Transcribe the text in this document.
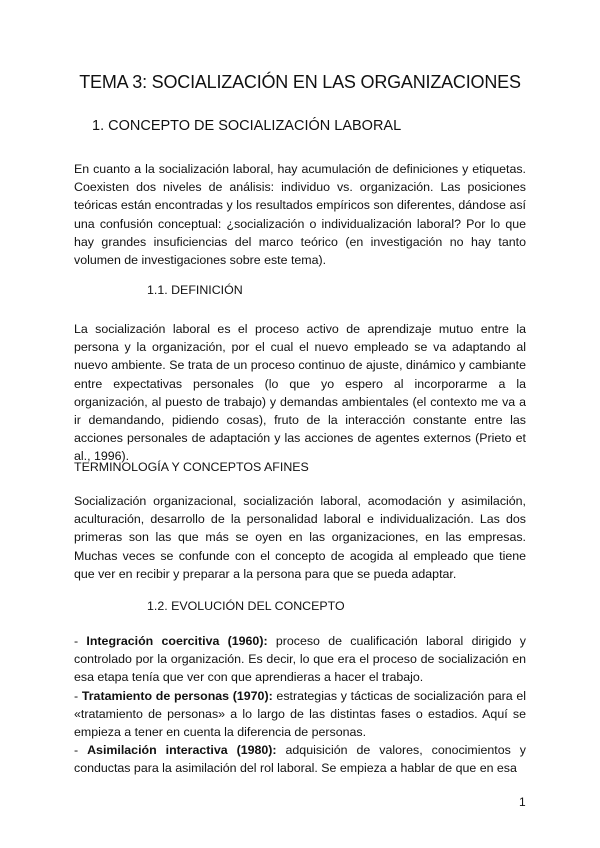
TEMA 3: SOCIALIZACIÓN EN LAS ORGANIZACIONES
1. CONCEPTO DE SOCIALIZACIÓN LABORAL

En cuanto a la socialización laboral, hay acumulación de definiciones y etiquetas. Coexisten dos niveles de análisis: individuo vs. organización. Las posiciones teóricas están encontradas y los resultados empíricos son diferentes, dándose así una confusión conceptual: ¿socialización o individualización laboral? Por lo que hay grandes insuficiencias del marco teórico (en investigación no hay tanto volumen de investigaciones sobre este tema).

1.1. DEFINICIÓN

La socialización laboral es el proceso activo de aprendizaje mutuo entre la persona y la organización, por el cual el nuevo empleado se va adaptando al nuevo ambiente. Se trata de un proceso continuo de ajuste, dinámico y cambiante entre expectativas personales (lo que yo espero al incorporarme a la organización, al puesto de trabajo) y demandas ambientales (el contexto me va a ir demandando, pidiendo cosas), fruto de la interacción constante entre las acciones personales de adaptación y las acciones de agentes externos (Prieto et al., 1996).

TERMINOLOGÍA Y CONCEPTOS AFINES

Socialización organizacional, socialización laboral, acomodación y asimilación, aculturación, desarrollo de la personalidad laboral e individualización. Las dos primeras son las que más se oyen en las organizaciones, en las empresas. Muchas veces se confunde con el concepto de acogida al empleado que tiene que ver en recibir y preparar a la persona para que se pueda adaptar.

1.2. EVOLUCIÓN DEL CONCEPTO
- Integración coercitiva (1960): proceso de cualificación laboral dirigido y controlado por la organización. Es decir, lo que era el proceso de socialización en esa etapa tenía que ver con que aprendieras a hacer el trabajo.
- Tratamiento de personas (1970): estrategias y tácticas de socialización para el «tratamiento de personas» a lo largo de las distintas fases o estadios. Aquí se empieza a tener en cuenta la diferencia de personas.
- Asimilación interactiva (1980): adquisición de valores, conocimientos y conductas para la asimilación del rol laboral. Se empieza a hablar de que en esa
1
